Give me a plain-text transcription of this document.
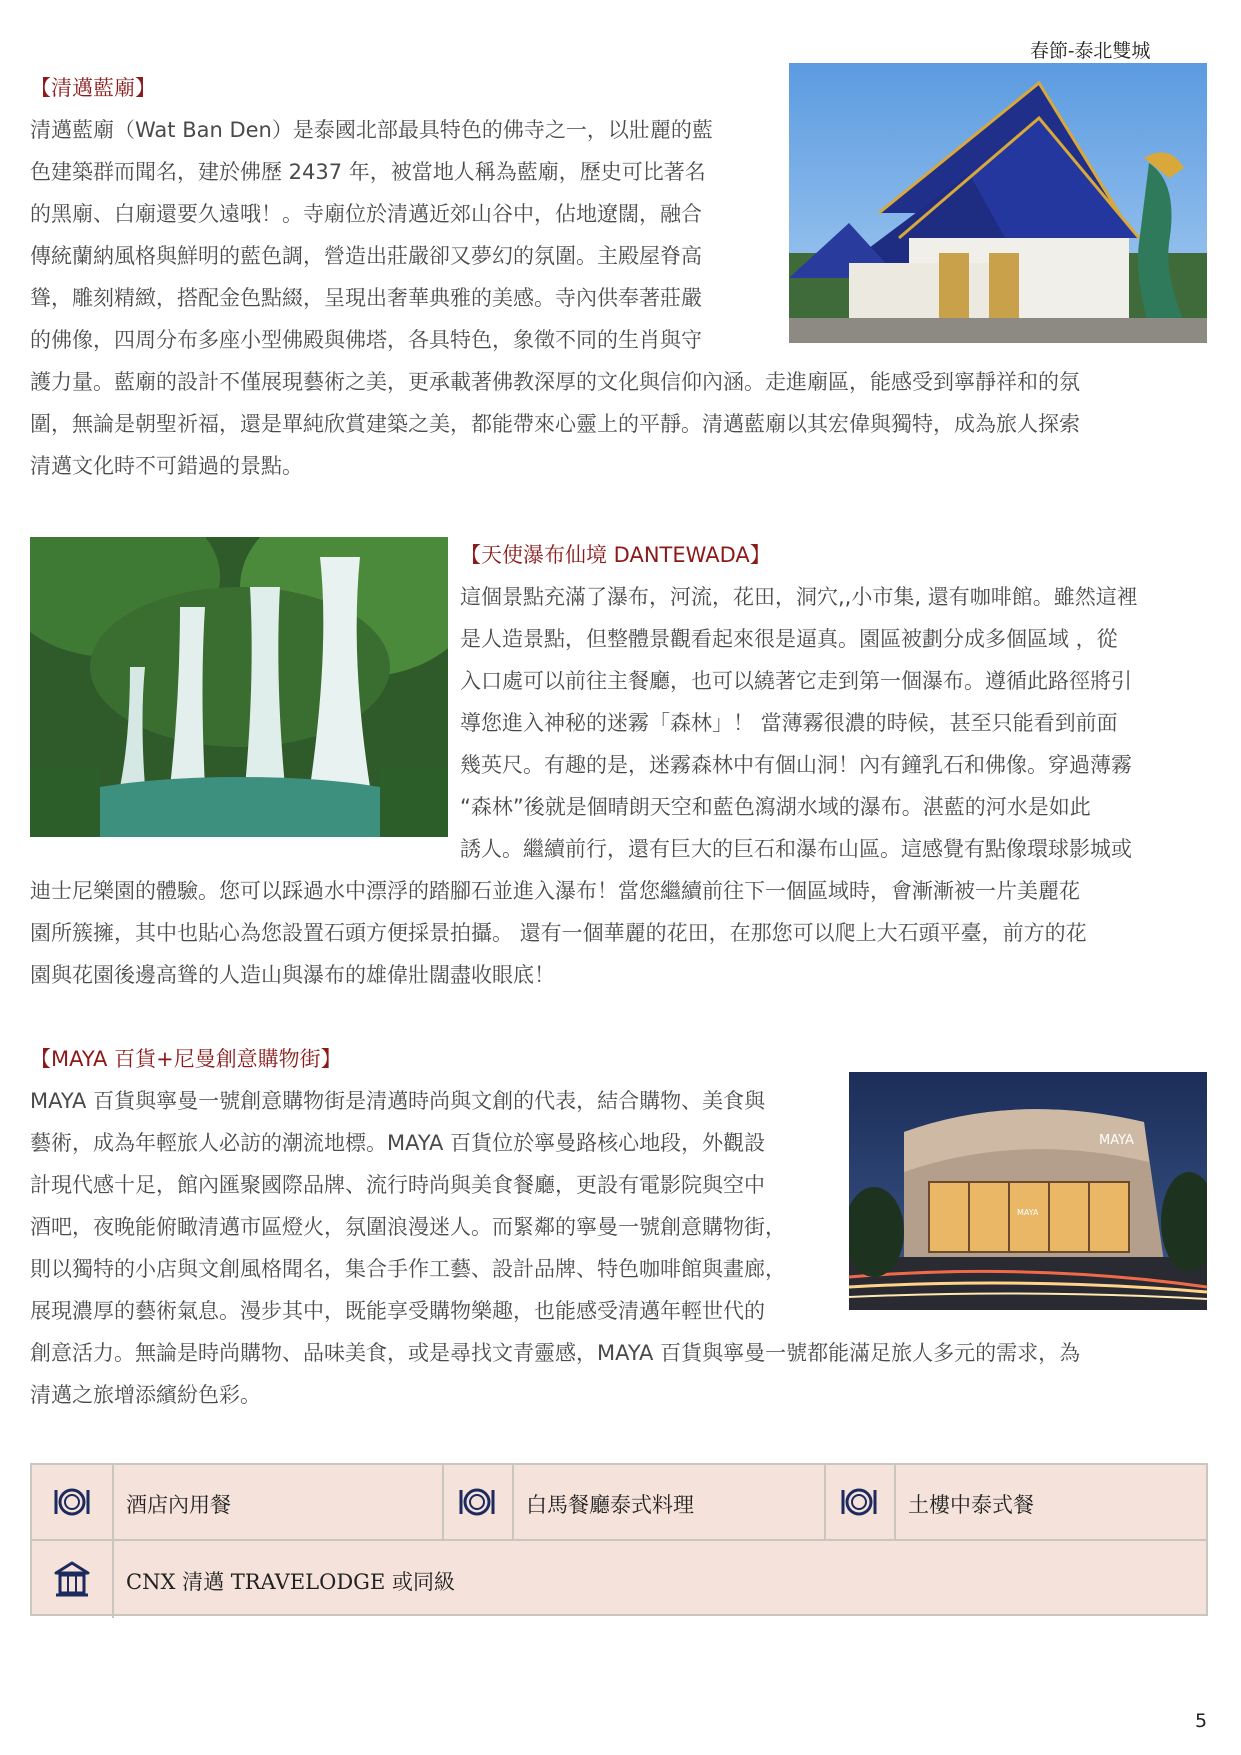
春節-泰北雙城
【清邁藍廟】
清邁藍廟（Wat Ban Den）是泰國北部最具特色的佛寺之一，以壯麗的藍
色建築群而聞名，建於佛歷 2437 年，被當地人稱為藍廟，歷史可比著名
的黑廟、白廟還要久遠哦！。寺廟位於清邁近郊山谷中，佔地遼闊，融合
傳統蘭納風格與鮮明的藍色調，營造出莊嚴卻又夢幻的氛圍。主殿屋脊高
聳，雕刻精緻，搭配金色點綴，呈現出奢華典雅的美感。寺內供奉著莊嚴
的佛像，四周分布多座小型佛殿與佛塔，各具特色，象徵不同的生肖與守
護力量。藍廟的設計不僅展現藝術之美，更承載著佛教深厚的文化與信仰內涵。走進廟區，能感受到寧靜祥和的氛
圍，無論是朝聖祈福，還是單純欣賞建築之美，都能帶來心靈上的平靜。清邁藍廟以其宏偉與獨特，成為旅人探索
清邁文化時不可錯過的景點。
【天使瀑布仙境 DANTEWADA】
這個景點充滿了瀑布，河流，花田，洞穴,,小市集, 還有咖啡館。雖然這裡
是人造景點，但整體景觀看起來很是逼真。園區被劃分成多個區域 ，從
入口處可以前往主餐廳，也可以繞著它走到第一個瀑布。遵循此路徑將引
導您進入神秘的迷霧「森林」！ 當薄霧很濃的時候，甚至只能看到前面
幾英尺。有趣的是，迷霧森林中有個山洞！內有鐘乳石和佛像。穿過薄霧
“森林”後就是個晴朗天空和藍色瀉湖水域的瀑布。湛藍的河水是如此
誘人。繼續前行，還有巨大的巨石和瀑布山區。這感覺有點像環球影城或
迪士尼樂園的體驗。您可以踩過水中漂浮的踏腳石並進入瀑布！當您繼續前往下一個區域時，會漸漸被一片美麗花
園所簇擁，其中也貼心為您設置石頭方便採景拍攝。 還有一個華麗的花田，在那您可以爬上大石頭平臺，前方的花
園與花園後邊高聳的人造山與瀑布的雄偉壯闊盡收眼底！
【MAYA 百貨+尼曼創意購物街】
MAYA 百貨與寧曼一號創意購物街是清邁時尚與文創的代表，結合購物、美食與
藝術，成為年輕旅人必訪的潮流地標。MAYA 百貨位於寧曼路核心地段，外觀設
計現代感十足，館內匯聚國際品牌、流行時尚與美食餐廳，更設有電影院與空中
酒吧，夜晚能俯瞰清邁市區燈火，氛圍浪漫迷人。而緊鄰的寧曼一號創意購物街，
則以獨特的小店與文創風格聞名，集合手作工藝、設計品牌、特色咖啡館與畫廊，
展現濃厚的藝術氣息。漫步其中，既能享受購物樂趣，也能感受清邁年輕世代的
創意活力。無論是時尚購物、品味美食，或是尋找文青靈感，MAYA 百貨與寧曼一號都能滿足旅人多元的需求，為
清邁之旅增添繽紛色彩。
MAYA
MAYA
酒店內用餐	白馬餐廳泰式料理	土樓中泰式餐
CNX 清邁 TRAVELODGE 或同級
5
